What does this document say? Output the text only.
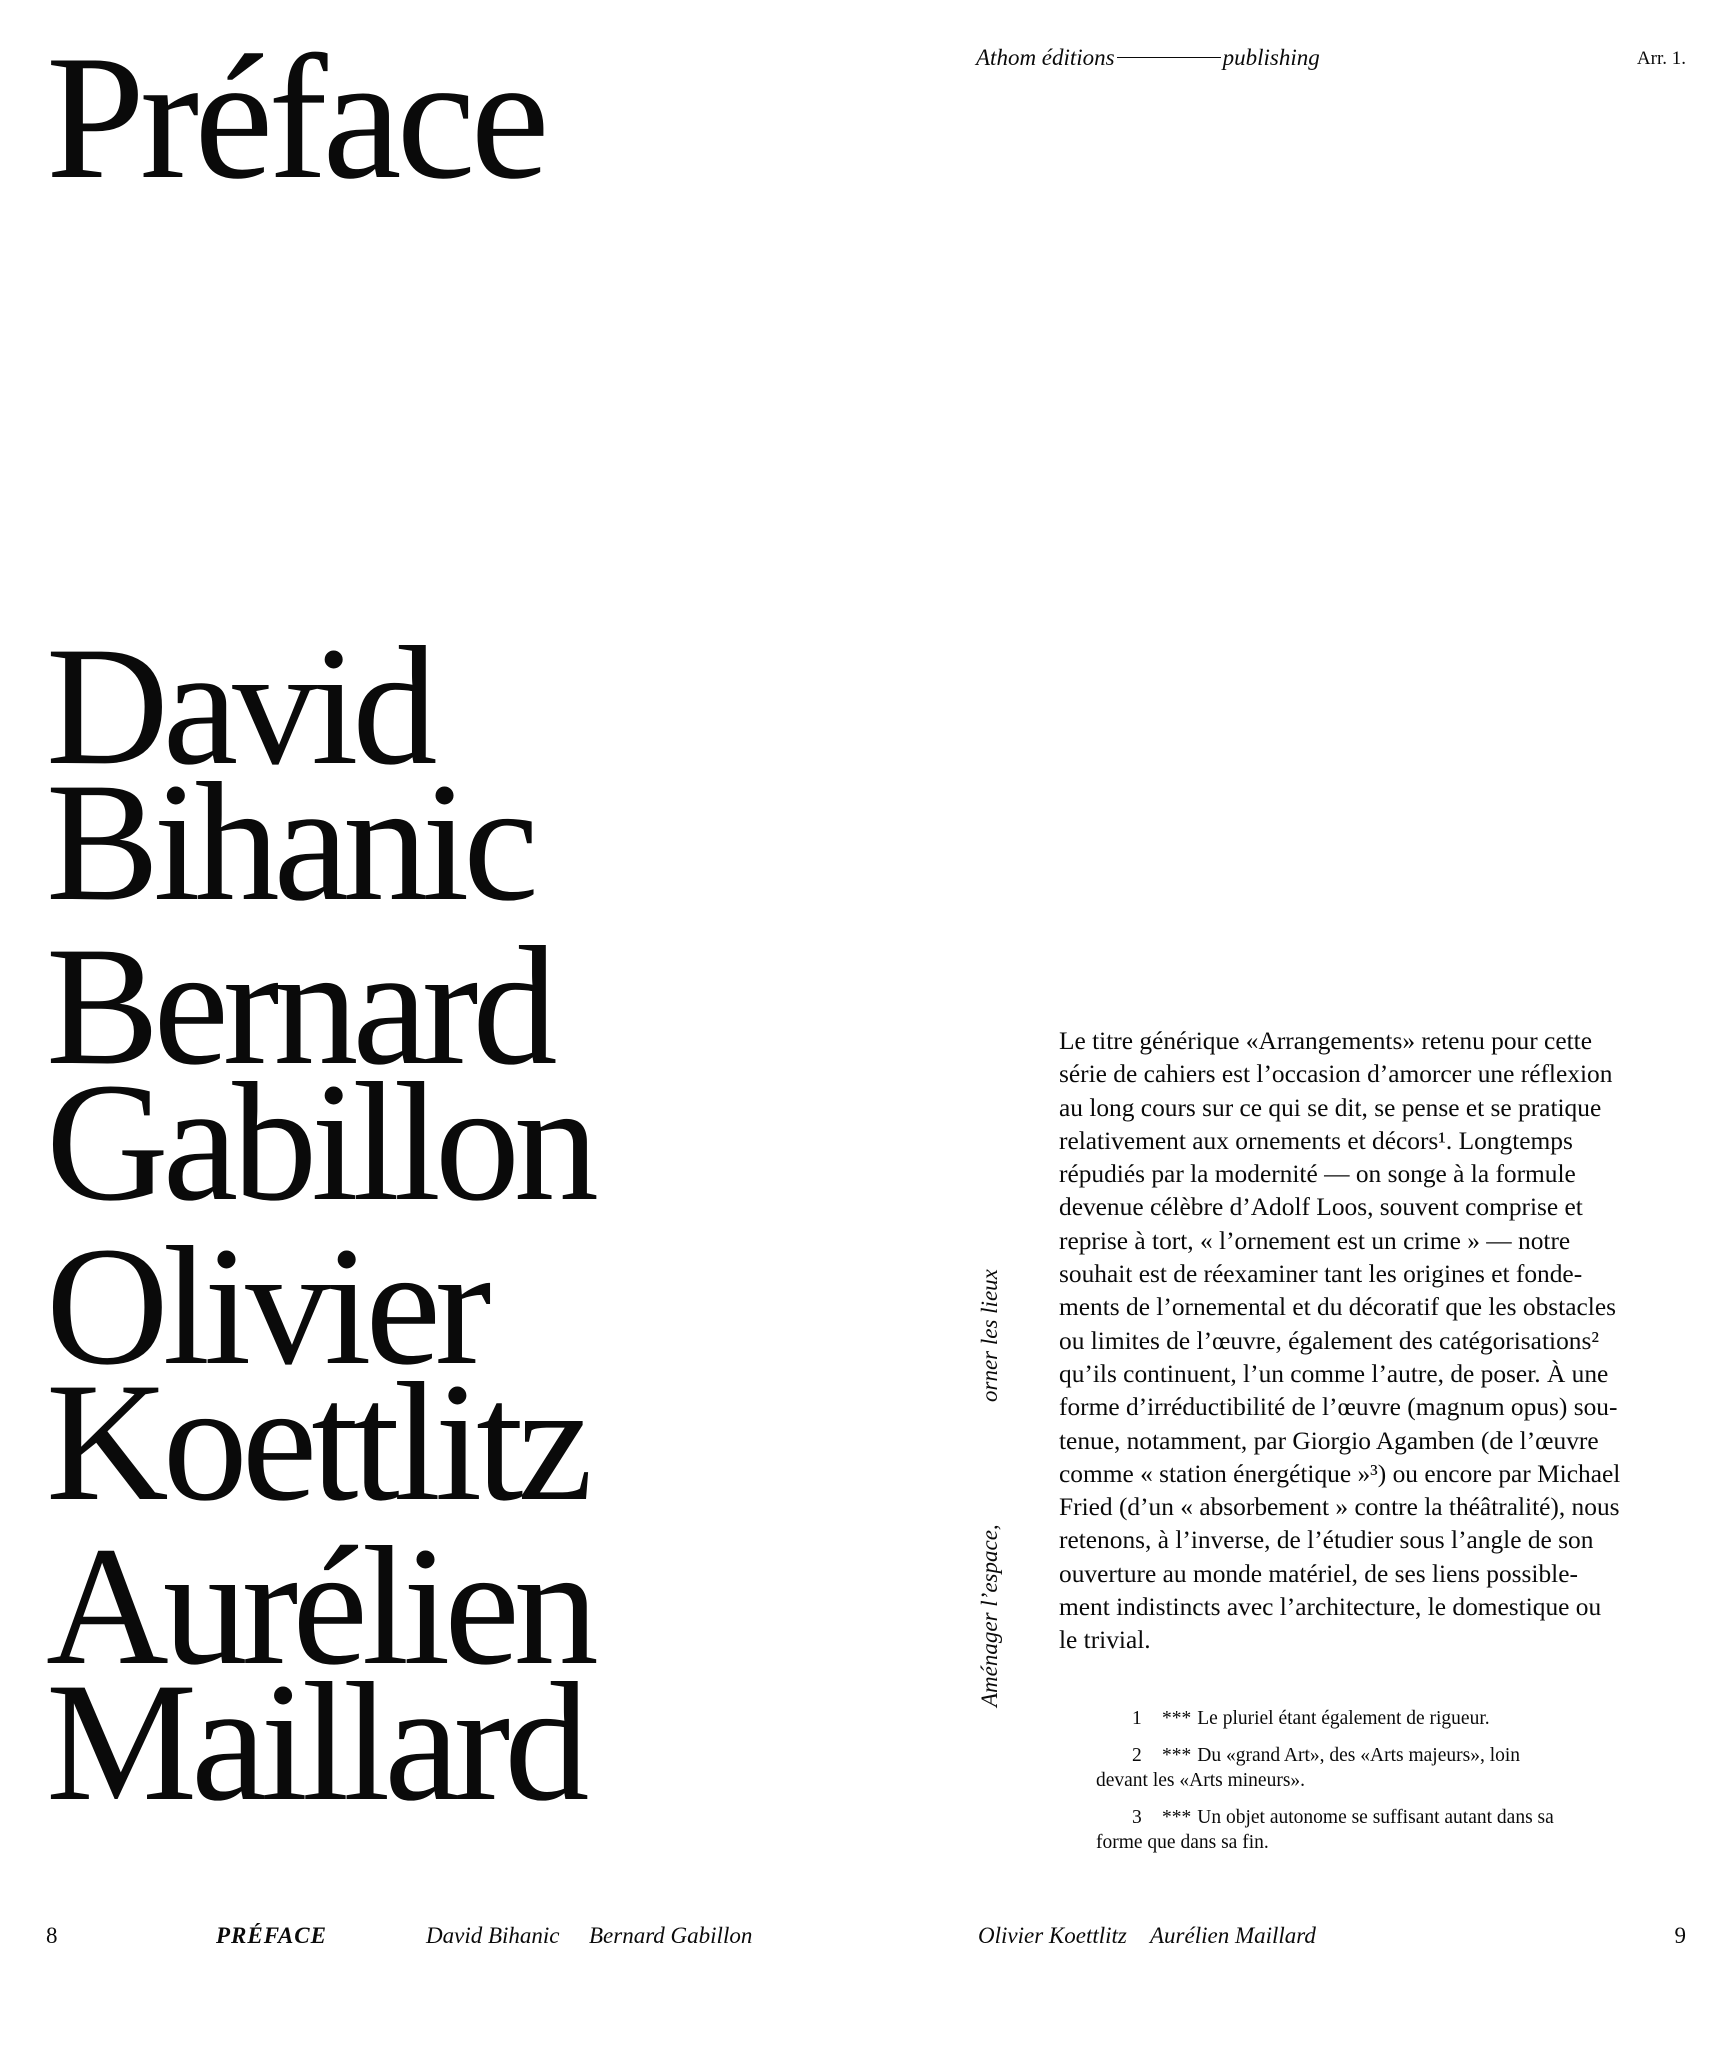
Préface
David
Bihanic
Bernard
Gabillon
Olivier
Koettlitz
Aurélien
Maillard
Athom éditions	publishing	Arr. 1.
orner les lieux
Aménager l’espace,

Le titre générique «Arrangements» retenu pour cette
série de cahiers est l’occasion d’amorcer une réflexion
au long cours sur ce qui se dit, se pense et se pratique
relativement aux ornements et décors¹. Longtemps
répudiés par la modernité — on songe à la formule
devenue célèbre d’Adolf Loos, souvent comprise et
reprise à tort, « l’ornement est un crime » — notre
souhait est de réexaminer tant les origines et fonde-
ments de l’ornemental et du décoratif que les obstacles
ou limites de l’œuvre, également des catégorisations²
qu’ils continuent, l’un comme l’autre, de poser. À une
forme d’irréductibilité de l’œuvre (magnum opus) sou-
tenue, notamment, par Giorgio Agamben (de l’œuvre
comme « station énergétique »³) ou encore par Michael
Fried (d’un « absorbement » contre la théâtralité), nous
retenons, à l’inverse, de l’étudier sous l’angle de son
ouverture au monde matériel, de ses liens possible-
ment indistincts avec l’architecture, le domestique ou
le trivial.

1 *** Le pluriel étant également de rigueur.
2 *** Du «grand Art», des «Arts majeurs», loin
devant les «Arts mineurs».
3 *** Un objet autonome se suffisant autant dans sa
forme que dans sa fin.
8	PRÉFACE	David Bihanic Bernard Gabillon	Olivier Koettlitz Aurélien Maillard	9
